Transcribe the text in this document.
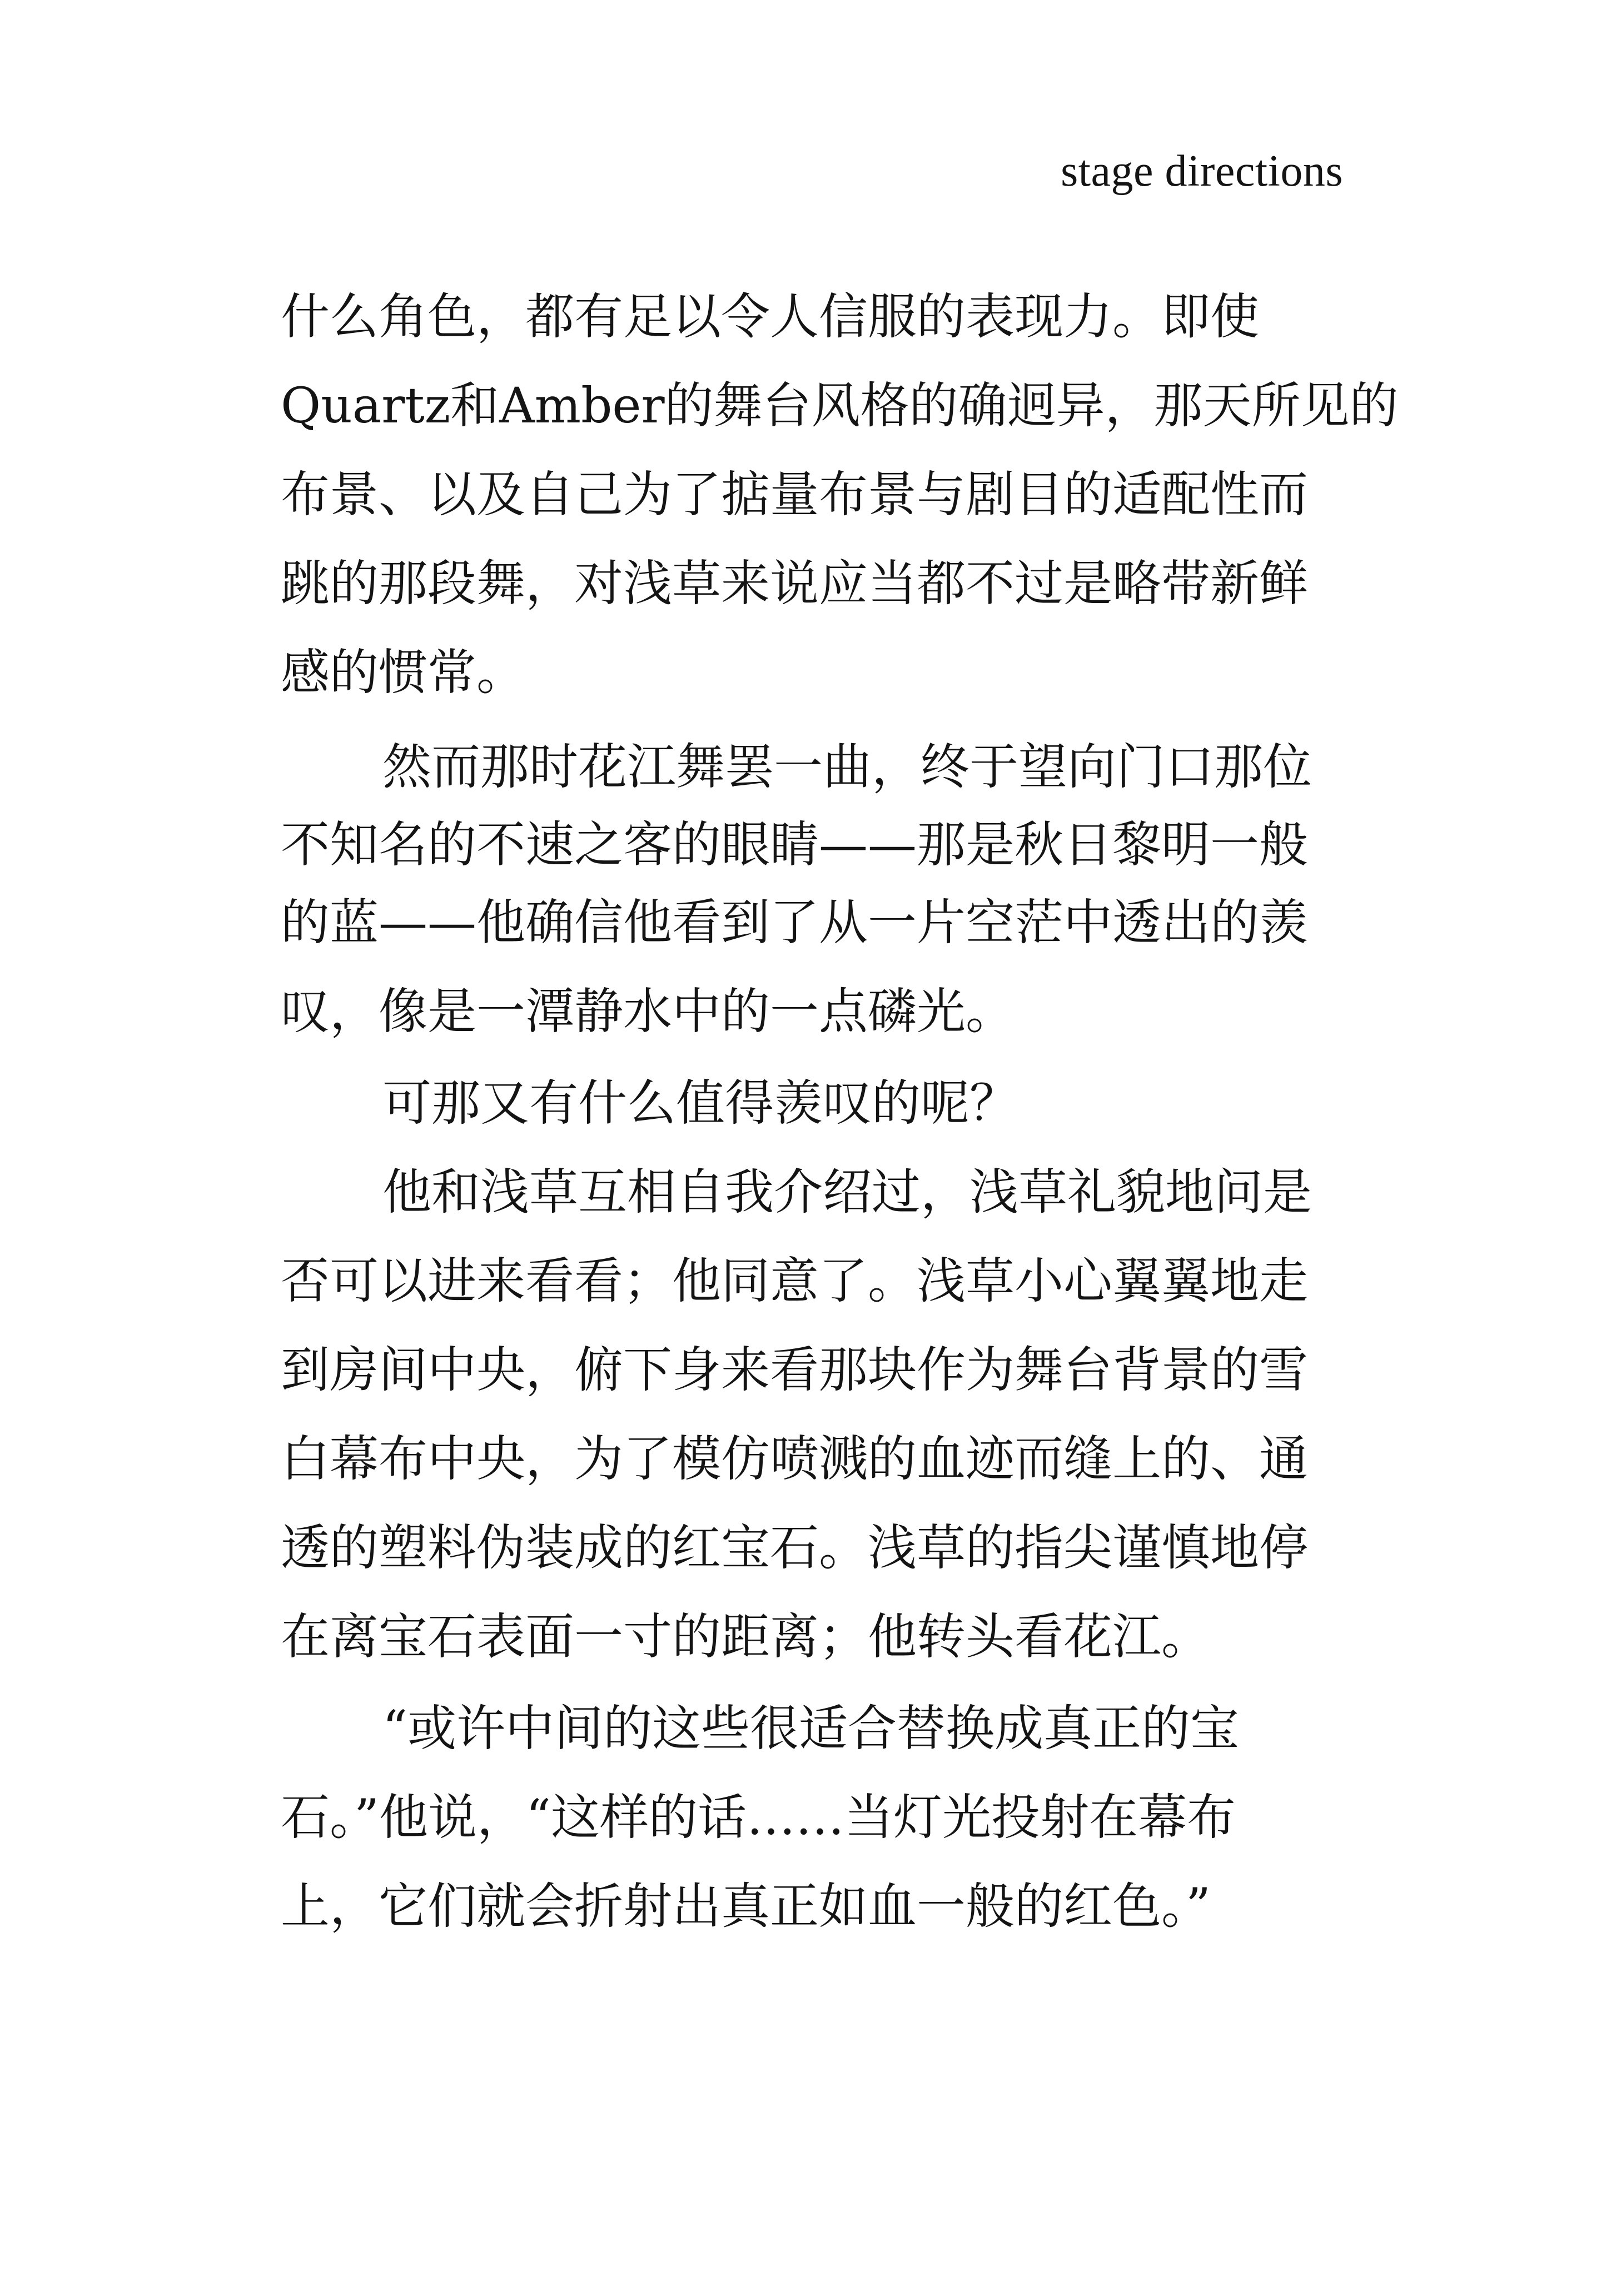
stage directions
什么角色，都有足以令人信服的表现力。即使
Quartz和Amber的舞台风格的确迥异，那天所见的
布景、以及自己为了掂量布景与剧目的适配性而
跳的那段舞，对浅草来说应当都不过是略带新鲜
感的惯常。
然而那时花江舞罢一曲，终于望向门口那位
不知名的不速之客的眼睛——那是秋日黎明一般
的蓝——他确信他看到了从一片空茫中透出的羡
叹，像是一潭静水中的一点磷光。
可那又有什么值得羡叹的呢？
他和浅草互相自我介绍过，浅草礼貌地问是
否可以进来看看；他同意了。浅草小心翼翼地走
到房间中央，俯下身来看那块作为舞台背景的雪
白幕布中央，为了模仿喷溅的血迹而缝上的、通
透的塑料伪装成的红宝石。浅草的指尖谨慎地停
在离宝石表面一寸的距离；他转头看花江。
“或许中间的这些很适合替换成真正的宝
石。”他说，“这样的话……当灯光投射在幕布
上，它们就会折射出真正如血一般的红色。”
